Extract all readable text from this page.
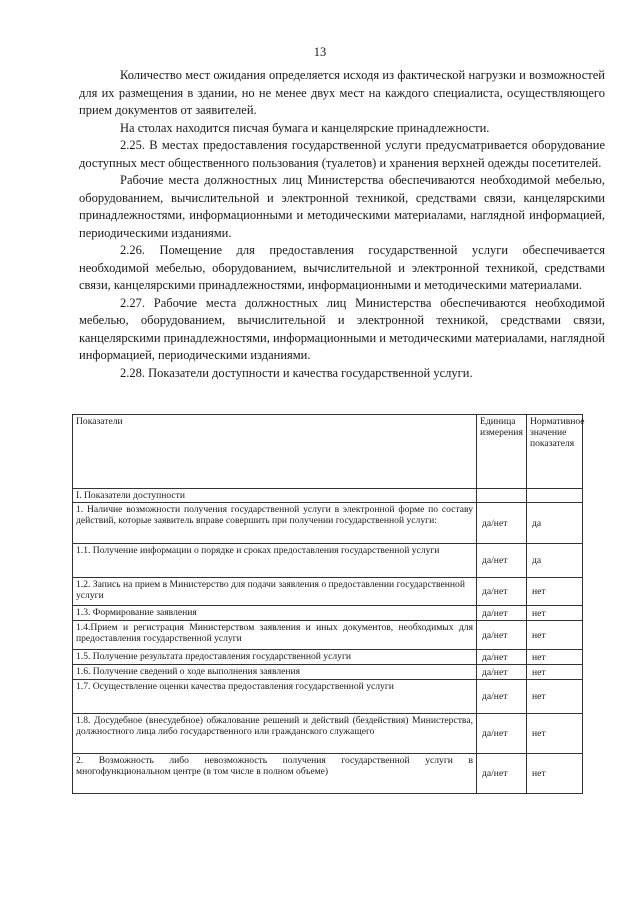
13

Количество мест ожидания определяется исходя из фактической нагрузки и возможностей для их размещения в здании, но не менее двух мест на каждого специалиста, осуществляющего прием документов от заявителей.

На столах находится писчая бумага и канцелярские принадлежности.

2.25. В местах предоставления государственной услуги предусматривается оборудование доступных мест общественного пользования (туалетов) и хранения верхней одежды посетителей.

Рабочие места должностных лиц Министерства обеспечиваются необходимой мебелью, оборудованием, вычислительной и электронной техникой, средствами связи, канцелярскими принадлежностями, информационными и методическими материалами, наглядной информацией, периодическими изданиями.

2.26. Помещение для предоставления государственной услуги обеспечивается необходимой мебелью, оборудованием, вычислительной и электронной техникой, средствами связи, канцелярскими принадлежностями, информационными и методическими материалами.

2.27. Рабочие места должностных лиц Министерства обеспечиваются необходимой мебелью, оборудованием, вычислительной и электронной техникой, средствами связи, канцелярскими принадлежностями, информационными и методическими материалами, наглядной информацией, периодическими изданиями.

2.28. Показатели доступности и качества государственной услуги.

Показатели	Единица измерения	Нормативное значение показателя
I. Показатели доступности		
1. Наличие возможности получения государственной услуги в электронной форме по составу действий, которые заявитель вправе совершить при получении государственной услуги:	да/нет	да
1.1. Получение информации о порядке и сроках предоставления государственной услуги	да/нет	да
1.2. Запись на прием в Министерство для подачи заявления о предоставлении государственной услуги	да/нет	нет
1.3. Формирование заявления	да/нет	нет
1.4.Прием и регистрация Министерством заявления и иных документов, необходимых для предоставления государственной услуги	да/нет	нет
1.5. Получение результата предоставления государственной услуги	да/нет	нет
1.6. Получение сведений о ходе выполнения заявления	да/нет	нет
1.7. Осуществление оценки качества предоставления государственной услуги	да/нет	нет
1.8. Досудебное (внесудебное) обжалование решений и действий (бездействия) Министерства, должностного лица либо государственного или гражданского служащего	да/нет	нет
2. Возможность либо невозможность получения государственной услуги в многофункциональном центре (в том числе в полном объеме)	да/нет	нет
